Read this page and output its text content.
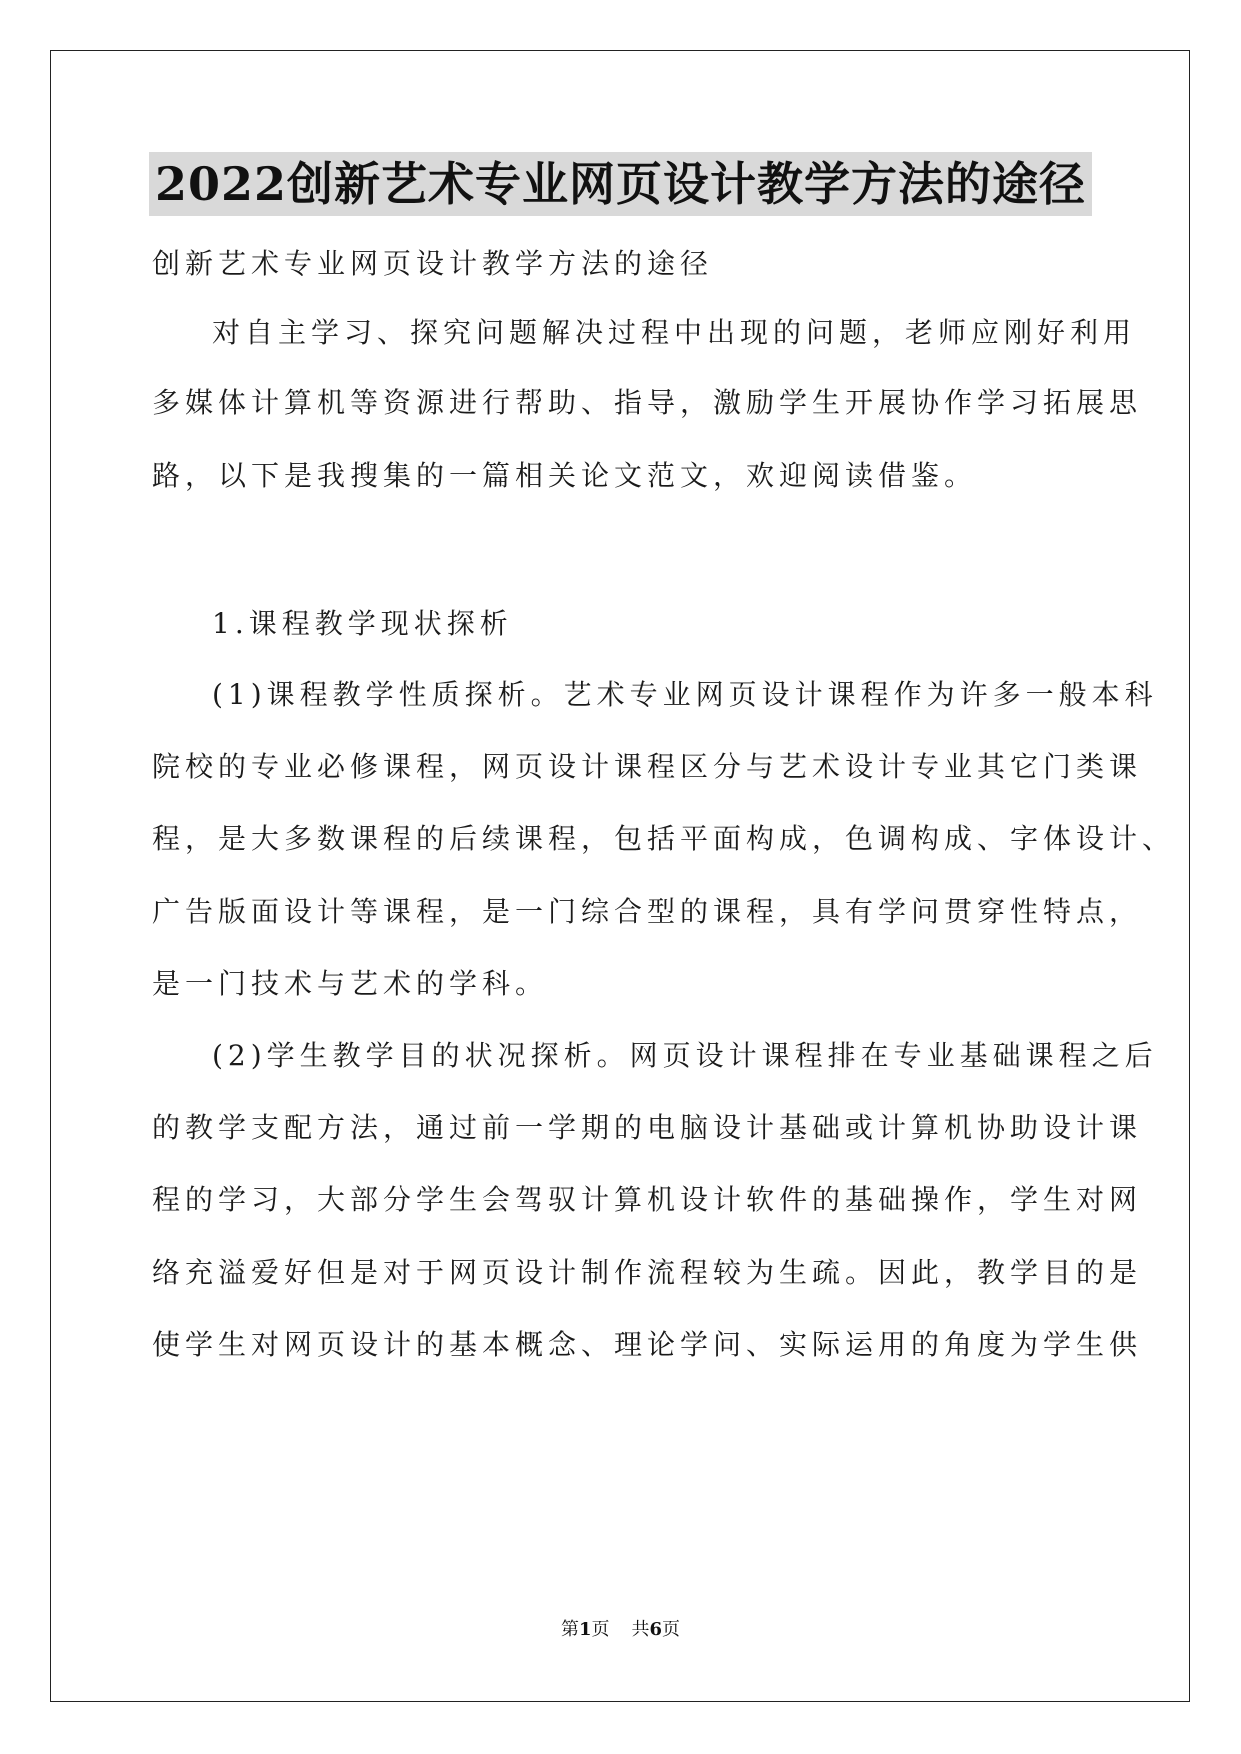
2022创新艺术专业网页设计教学方法的途径
创新艺术专业网页设计教学方法的途径
对自主学习、探究问题解决过程中出现的问题，老师应刚好利用
多媒体计算机等资源进行帮助、指导，激励学生开展协作学习拓展思
路，以下是我搜集的一篇相关论文范文，欢迎阅读借鉴。
1.课程教学现状探析
(1)课程教学性质探析。艺术专业网页设计课程作为许多一般本科
院校的专业必修课程，网页设计课程区分与艺术设计专业其它门类课
程，是大多数课程的后续课程，包括平面构成，色调构成、字体设计、
广告版面设计等课程，是一门综合型的课程，具有学问贯穿性特点，
是一门技术与艺术的学科。
(2)学生教学目的状况探析。网页设计课程排在专业基础课程之后
的教学支配方法，通过前一学期的电脑设计基础或计算机协助设计课
程的学习，大部分学生会驾驭计算机设计软件的基础操作，学生对网
络充溢爱好但是对于网页设计制作流程较为生疏。因此，教学目的是
使学生对网页设计的基本概念、理论学问、实际运用的角度为学生供
第1页 共6页
